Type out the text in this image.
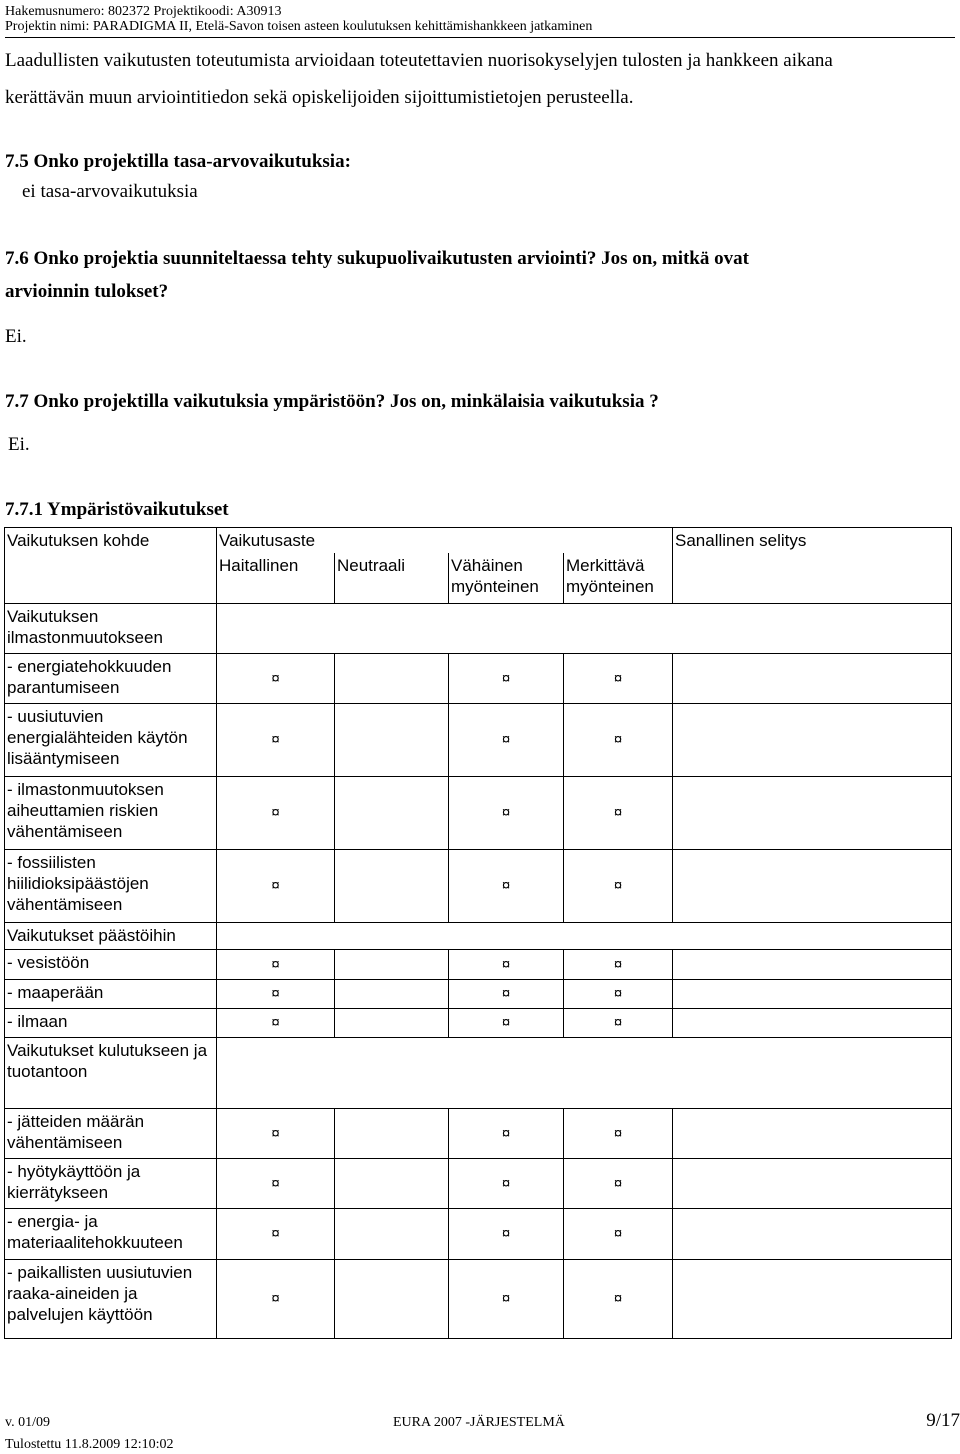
Hakemusnumero: 802372 Projektikoodi: A30913
Projektin nimi: PARADIGMA II, Etelä-Savon toisen asteen koulutuksen kehittämishankkeen jatkaminen
Laadullisten vaikutusten toteutumista arvioidaan toteutettavien nuorisokyselyjen tulosten ja hankkeen aikana
kerättävän muun arviointitiedon sekä opiskelijoiden sijoittumistietojen perusteella.
7.5 Onko projektilla tasa-arvovaikutuksia:
ei tasa-arvovaikutuksia
7.6 Onko projektia suunniteltaessa tehty sukupuolivaikutusten arviointi? Jos on, mitkä ovat
arvioinnin tulokset?
Ei.
7.7 Onko projektilla vaikutuksia ympäristöön? Jos on, minkälaisia vaikutuksia ?
Ei.
7.7.1 Ympäristövaikutukset
Vaikutuksen kohde	Vaikutusaste				Sanallinen selitys
	Haitallinen	Neutraali	Vähäinen myönteinen	Merkittävä myönteinen	
Vaikutuksen ilmastonmuutokseen					
- energiatehokkuuden parantumiseen	¤		¤	¤	
- uusiutuvien energialähteiden käytön lisääntymiseen	¤		¤	¤	
- ilmastonmuutoksen aiheuttamien riskien vähentämiseen	¤		¤	¤	
- fossiilisten hiilidioksipäästöjen vähentämiseen	¤		¤	¤	
Vaikutukset päästöihin					
- vesistöön	¤		¤	¤	
- maaperään	¤		¤	¤	
- ilmaan	¤		¤	¤	
Vaikutukset kulutukseen ja tuotantoon					
- jätteiden määrän vähentämiseen	¤		¤	¤	
- hyötykäyttöön ja kierrätykseen	¤		¤	¤	
- energia- ja materiaalitehokkuuteen	¤		¤	¤	
- paikallisten uusiutuvien raaka-aineiden ja palvelujen käyttöön	¤		¤	¤	
v. 01/09	EURA 2007 -JÄRJESTELMÄ	9/17
Tulostettu 11.8.2009 12:10:02
